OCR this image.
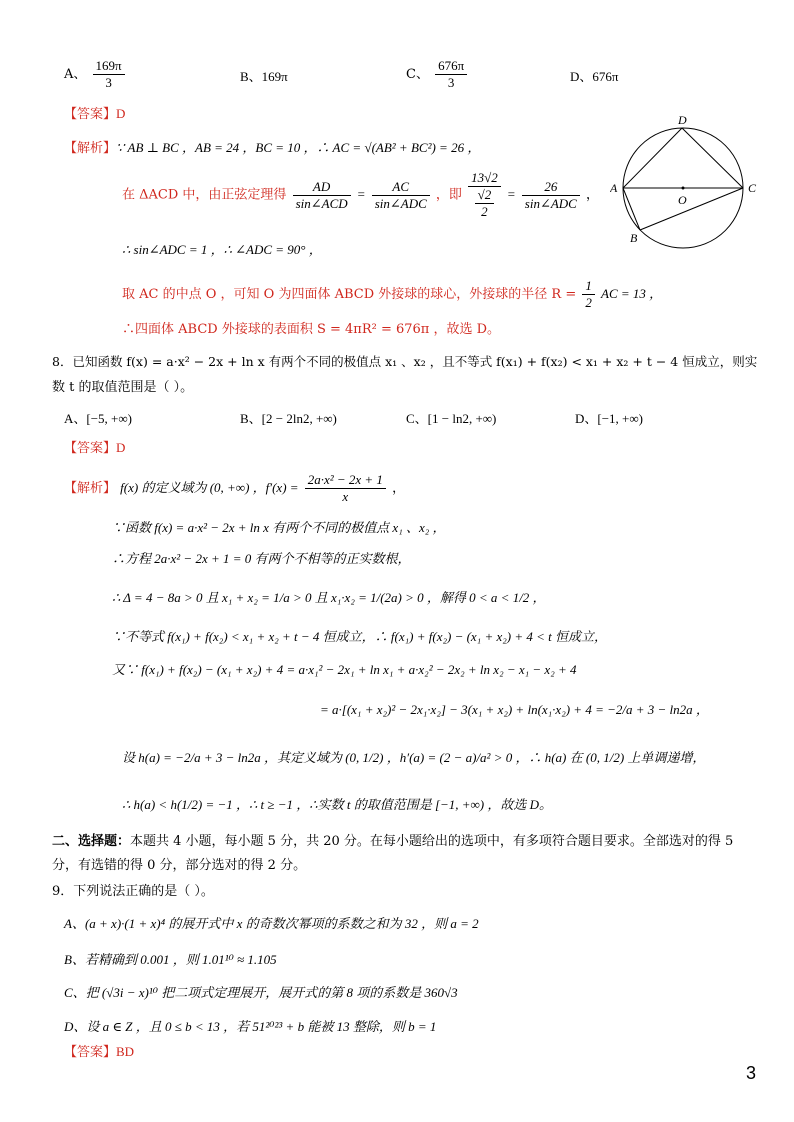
A、 $\frac{169\pi}{3}$	B、169π	C、 $\frac{676\pi}{3}$	D、676π
【答案】D
【解析】∵ AB ⊥ BC ，AB = 24 ，BC = 10 ，∴ AC = √(AB² + BC²) = 26 ，
在 ΔACD 中，由正弦定理得 $\frac{AD}{\text{sin∠ACD}} = \frac{AC}{\text{sin∠ADC}}$ ，即 $\frac{13√2}{\frac{√2}{2}} = \frac{26}{\text{sin∠ADC}}$ ，
∴ sin∠ADC = 1 ，∴ ∠ADC = 90° ，
取 AC 的中点 O ，可知 O 为四面体 ABCD 外接球的球心，外接球的半径 $R = \frac{1}{2}$ AC = 13 ，
∴四面体 ABCD 外接球的表面积 S = 4πR² = 676π ，故选 D。
A
B
C
D
O
8．已知函数 f(x) = a·x² − 2x + ln x 有两个不同的极值点 x₁ 、x₂ ，且不等式 f(x₁) + f(x₂) < x₁ + x₂ + t − 4 恒成立，则实
数 t 的取值范围是（ ）。
A、[−5, +∞)	B、[2 − 2ln2, +∞)	C、[1 − ln2, +∞)	D、[−1, +∞)
【答案】D
【解析】 f(x) 的定义域为 (0, +∞) ，$f'(x) = \frac{\text{2a·x² − 2x + 1}}{x}$ ，
∵函数 f(x) = a·x² − 2x + ln x 有两个不同的极值点 x₁ 、x₂ ，
∴方程 2a·x² − 2x + 1 = 0 有两个不相等的正实数根，
∴ Δ = 4 − 8a > 0 且 x₁ + x₂ = 1/a > 0 且 x₁·x₂ = 1/(2a) > 0 ，解得 0 < a < 1/2 ，
∵不等式 f(x₁) + f(x₂) < x₁ + x₂ + t − 4 恒成立，∴ f(x₁) + f(x₂) − (x₁ + x₂) + 4 < t 恒成立，
又∵ f(x₁) + f(x₂) − (x₁ + x₂) + 4 = a·x₁² − 2x₁ + ln x₁ + a·x₂² − 2x₂ + ln x₂ − x₁ − x₂ + 4
= a·[(x₁ + x₂)² − 2x₁·x₂] − 3(x₁ + x₂) + ln(x₁·x₂) + 4 = −2/a + 3 − ln2a ，
设 h(a) = −2/a + 3 − ln2a ，其定义域为 (0, 1/2) ，h′(a) = (2 − a)/a² > 0 ，∴ h(a) 在 (0, 1/2) 上单调递增，
∴ h(a) < h(1/2) = −1 ，∴ t ≥ −1 ，∴实数 t 的取值范围是 [−1, +∞) ，故选 D。
二、选择题：本题共 4 小题，每小题 5 分，共 20 分。在每小题给出的选项中，有多项符合题目要求。全部选对的得 5
分，有选错的得 0 分，部分选对的得 2 分。
9．下列说法正确的是（ ）。
A、(a + x)·(1 + x)⁴ 的展开式中 x 的奇数次幂项的系数之和为 32 ，则 a = 2
B、若精确到 0.001 ，则 1.01¹⁰ ≈ 1.105
C、把 (√3i − x)¹⁰ 把二项式定理展开，展开式的第 8 项的系数是 360√3
D、设 a ∈ Z ，且 0 ≤ b < 13 ，若 51²⁰²³ + b 能被 13 整除，则 b = 1
【答案】BD
3
